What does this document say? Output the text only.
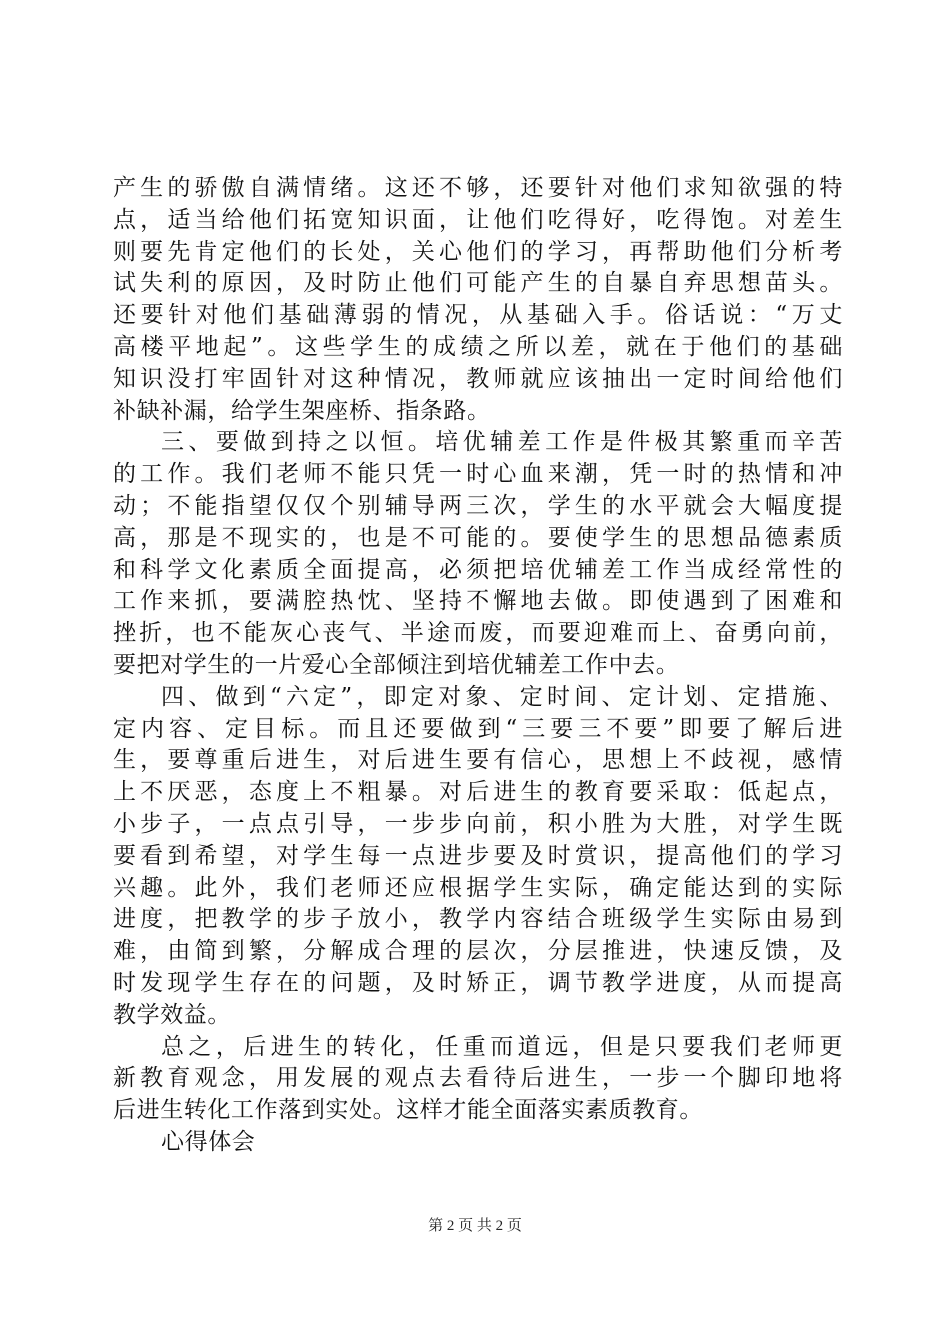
产生的骄傲自满情绪。这还不够，还要针对他们求知欲强的特
点，适当给他们拓宽知识面，让他们吃得好，吃得饱。对差生
则要先肯定他们的长处，关心他们的学习，再帮助他们分析考
试失利的原因，及时防止他们可能产生的自暴自弃思想苗头。
还要针对他们基础薄弱的情况，从基础入手。俗话说：“万丈
高楼平地起”。这些学生的成绩之所以差，就在于他们的基础
知识没打牢固针对这种情况，教师就应该抽出一定时间给他们
补缺补漏，给学生架座桥、指条路。
三、要做到持之以恒。培优辅差工作是件极其繁重而辛苦
的工作。我们老师不能只凭一时心血来潮，凭一时的热情和冲
动；不能指望仅仅个别辅导两三次，学生的水平就会大幅度提
高，那是不现实的，也是不可能的。要使学生的思想品德素质
和科学文化素质全面提高，必须把培优辅差工作当成经常性的
工作来抓，要满腔热忱、坚持不懈地去做。即使遇到了困难和
挫折，也不能灰心丧气、半途而废，而要迎难而上、奋勇向前，
要把对学生的一片爱心全部倾注到培优辅差工作中去。
四、做到“六定”，即定对象、定时间、定计划、定措施、
定内容、定目标。而且还要做到“三要三不要”即要了解后进
生，要尊重后进生，对后进生要有信心，思想上不歧视，感情
上不厌恶，态度上不粗暴。对后进生的教育要采取：低起点，
小步子，一点点引导，一步步向前，积小胜为大胜，对学生既
要看到希望，对学生每一点进步要及时赏识，提高他们的学习
兴趣。此外，我们老师还应根据学生实际，确定能达到的实际
进度，把教学的步子放小，教学内容结合班级学生实际由易到
难，由简到繁，分解成合理的层次，分层推进，快速反馈，及
时发现学生存在的问题，及时矫正，调节教学进度，从而提高
教学效益。
总之，后进生的转化，任重而道远，但是只要我们老师更
新教育观念，用发展的观点去看待后进生，一步一个脚印地将
后进生转化工作落到实处。这样才能全面落实素质教育。
心得体会
第 2 页 共 2 页
